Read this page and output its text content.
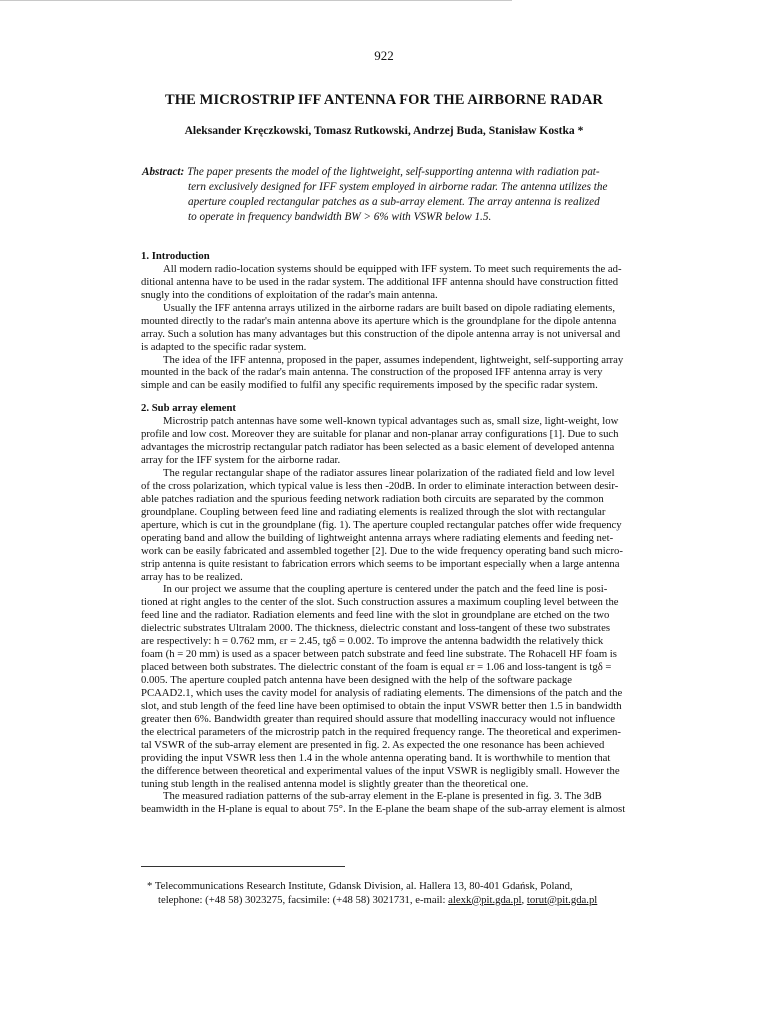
922
THE MICROSTRIP IFF ANTENNA FOR THE AIRBORNE RADAR
Aleksander Kręczkowski, Tomasz Rutkowski, Andrzej Buda, Stanisław Kostka *
Abstract: The paper presents the model of the lightweight, self-supporting antenna with radiation pat-
tern exclusively designed for IFF system employed in airborne radar. The antenna utilizes the
aperture coupled rectangular patches as a sub-array element. The array antenna is realized
to operate in frequency bandwidth BW > 6% with VSWR below 1.5.
1. Introduction
All modern radio-location systems should be equipped with IFF system. To meet such requirements the ad-
ditional antenna have to be used in the radar system. The additional IFF antenna should have construction fitted
snugly into the conditions of exploitation of the radar's main antenna.
Usually the IFF antenna arrays utilized in the airborne radars are built based on dipole radiating elements,
mounted directly to the radar's main antenna above its aperture which is the groundplane for the dipole antenna
array. Such a solution has many advantages but this construction of the dipole antenna array is not universal and
is adapted to the specific radar system.
The idea of the IFF antenna, proposed in the paper, assumes independent, lightweight, self-supporting array
mounted in the back of the radar's main antenna. The construction of the proposed IFF antenna array is very
simple and can be easily modified to fulfil any specific requirements imposed by the specific radar system.
2. Sub array element
Microstrip patch antennas have some well-known typical advantages such as, small size, light-weight, low
profile and low cost. Moreover they are suitable for planar and non-planar array configurations [1]. Due to such
advantages the microstrip rectangular patch radiator has been selected as a basic element of developed antenna
array for the IFF system for the airborne radar.
The regular rectangular shape of the radiator assures linear polarization of the radiated field and low level
of the cross polarization, which typical value is less then -20dB. In order to eliminate interaction between desir-
able patches radiation and the spurious feeding network radiation both circuits are separated by the common
groundplane. Coupling between feed line and radiating elements is realized through the slot with rectangular
aperture, which is cut in the groundplane (fig. 1). The aperture coupled rectangular patches offer wide frequency
operating band and allow the building of lightweight antenna arrays where radiating elements and feeding net-
work can be easily fabricated and assembled together [2]. Due to the wide frequency operating band such micro-
strip antenna is quite resistant to fabrication errors which seems to be important especially when a large antenna
array has to be realized.
In our project we assume that the coupling aperture is centered under the patch and the feed line is posi-
tioned at right angles to the center of the slot. Such construction assures a maximum coupling level between the
feed line and the radiator. Radiation elements and feed line with the slot in groundplane are etched on the two
dielectric substrates Ultralam 2000. The thickness, dielectric constant and loss-tangent of these two substrates
are respectively: h = 0.762 mm, εr = 2.45, tgδ = 0.002. To improve the antenna badwidth the relatively thick
foam (h = 20 mm) is used as a spacer between patch substrate and feed line substrate. The Rohacell HF foam is
placed between both substrates. The dielectric constant of the foam is equal εr = 1.06 and loss-tangent is tgδ =
0.005. The aperture coupled patch antenna have been designed with the help of the software package
PCAAD2.1, which uses the cavity model for analysis of radiating elements. The dimensions of the patch and the
slot, and stub length of the feed line have been optimised to obtain the input VSWR better then 1.5 in bandwidth
greater then 6%. Bandwidth greater than required should assure that modelling inaccuracy would not influence
the electrical parameters of the microstrip patch in the required frequency range. The theoretical and experimen-
tal VSWR of the sub-array element are presented in fig. 2. As expected the one resonance has been achieved
providing the input VSWR less then 1.4 in the whole antenna operating band. It is worthwhile to mention that
the difference between theoretical and experimental values of the input VSWR is negligibly small. However the
tuning stub length in the realised antenna model is slightly greater than the theoretical one.
The measured radiation patterns of the sub-array element in the E-plane is presented in fig. 3. The 3dB
beamwidth in the H-plane is equal to about 75°. In the E-plane the beam shape of the sub-array element is almost
* Telecommunications Research Institute, Gdansk Division, al. Hallera 13, 80-401 Gdańsk, Poland,
telephone: (+48 58) 3023275, facsimile: (+48 58) 3021731, e-mail: alexk@pit.gda.pl, torut@pit.gda.pl
